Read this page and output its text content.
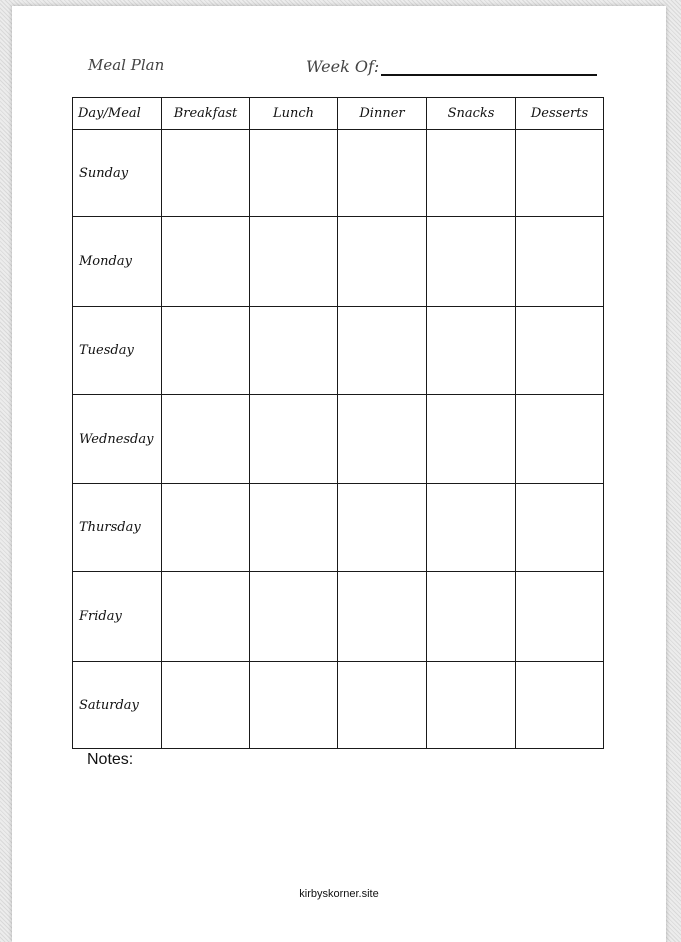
Meal Plan	Week Of:
Day/Meal	Breakfast	Lunch	Dinner	Snacks	Desserts
Sunday					
Monday					
Tuesday					
Wednesday					
Thursday					
Friday					
Saturday					
Notes:
kirbyskorner.site
